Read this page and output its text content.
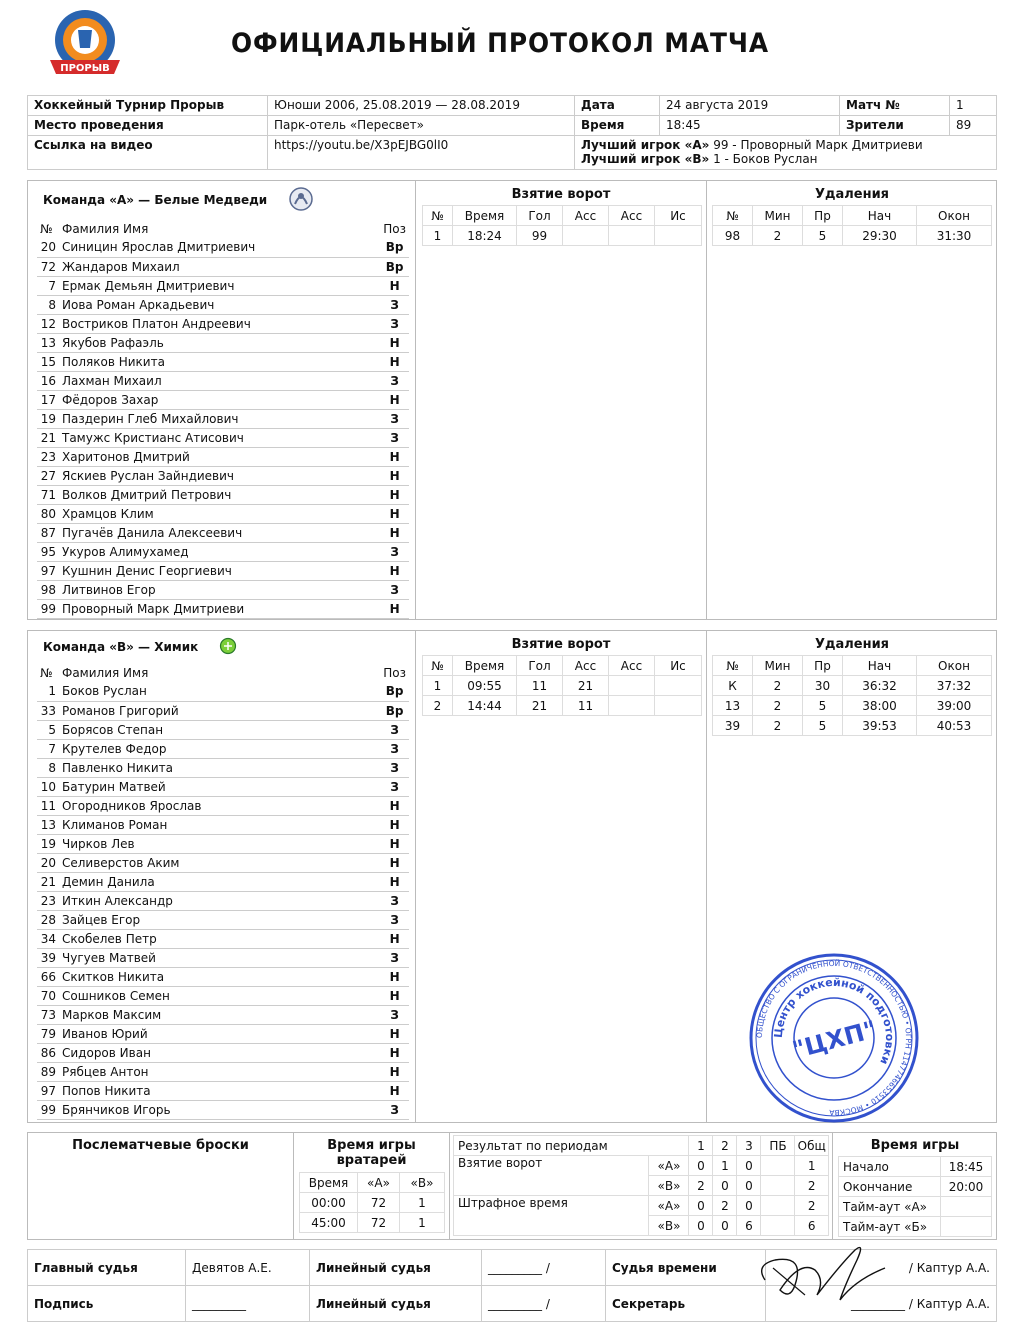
ПРОРЫВ
ОФИЦИАЛЬНЫЙ ПРОТОКОЛ МАТЧА
Хоккейный Турнир Прорыв	Юноши 2006, 25.08.2019 — 28.08.2019	Дата	24 августа 2019	Матч №	1
Место проведения	Парк-отель «Пересвет»	Время	18:45	Зрители	89
Ссылка на видео	https://youtu.be/X3pEJBG0lI0	Лучший игрок «А» 99 - Проворный Марк Дмитриеви
Лучший игрок «В» 1 - Боков Руслан			
Команда «А» — Белые Медведи
№	Фамилия Имя	Поз
20	Синицин Ярослав Дмитриевич	Вр
72	Жандаров Михаил	Вр
7	Ермак Демьян Дмитриевич	Н
8	Иова Роман Аркадьевич	З
12	Востриков Платон Андреевич	З
13	Якубов Рафаэль	Н
15	Поляков Никита	Н
16	Лахман Михаил	З
17	Фёдоров Захар	Н
19	Паздерин Глеб Михайлович	З
21	Тамужс Кристианс Атисович	З
23	Харитонов Дмитрий	Н
27	Яскиев Руслан Зайндиевич	Н
71	Волков Дмитрий Петрович	Н
80	Храмцов Клим	Н
87	Пугачёв Данила Алексеевич	Н
95	Укуров Алимухамед	З
97	Кушнин Денис Георгиевич	Н
98	Литвинов Егор	З
99	Проворный Марк Дмитриеви	Н
Взятие ворот
№	Время	Гол	Асс	Асс	Ис
1	18:24	99			
Удаления
№	Мин	Пр	Нач	Окон
98	2	5	29:30	31:30
Команда «В» — Химик
№	Фамилия Имя	Поз
1	Боков Руслан	Вр
33	Романов Григорий	Вр
5	Борясов Степан	З
7	Крутелев Федор	З
8	Павленко Никита	З
10	Батурин Матвей	З
11	Огородников Ярослав	Н
13	Климанов Роман	Н
19	Чирков Лев	Н
20	Селиверстов Аким	Н
21	Демин Данила	Н
23	Иткин Александр	З
28	Зайцев Егор	З
34	Скобелев Петр	Н
39	Чугуев Матвей	З
66	Скитков Никита	Н
70	Сошников Семен	Н
73	Марков Максим	З
79	Иванов Юрий	Н
86	Сидоров Иван	Н
89	Рябцев Антон	Н
97	Попов Никита	Н
99	Брянчиков Игорь	З
Взятие ворот
№	Время	Гол	Асс	Асс	Ис
1	09:55	11	21		
2	14:44	21	11		
Удаления
№	Мин	Пр	Нач	Окон
К	2	30	36:32	37:32
13	2	5	38:00	39:00
39	2	5	39:53	40:53
ОБЩЕСТВО С ОГРАНИЧЕННОЙ ОТВЕТСТВЕННОСТЬЮ • ОГРН 1147746653510 • МОСКВА
Центр хоккейной подготовки
"ЦХП"
Послематчевые броски	Время игры вратарей
Время	«А»	«В»
00:00	72	1
45:00	72	1
Результат по периодам		1	2	3	ПБ	Общ
Взятие ворот	«А»	0	1	0		1
	«В»	2	0	0		2
Штрафное время	«А»	0	2	0		2
	«В»	0	0	6		6
Время игры
Начало	18:45
Окончание	20:00
Тайм-аут «А»	
Тайм-аут «Б»	
Главный судья	Девятов А.Е.	Линейный судья	_________ /	Судья времени	/ Каптур А.А.
Подпись	_________	Линейный судья	_________ /	Секретарь	_________ / Каптур А.А.
